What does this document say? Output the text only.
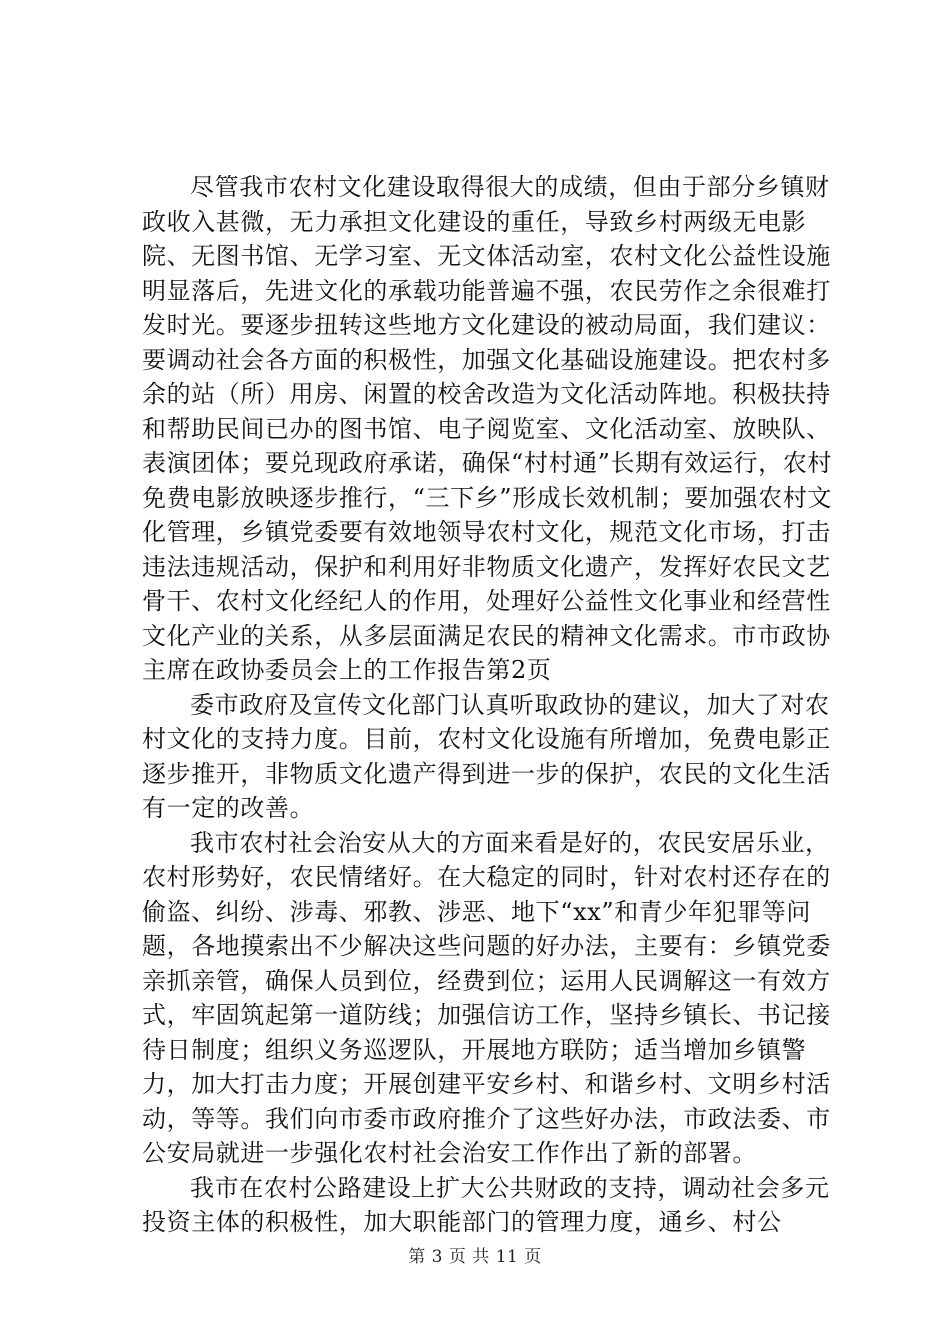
尽管我市农村文化建设取得很大的成绩，但由于部分乡镇财政收入甚微，无力承担文化建设的重任，导致乡村两级无电影院、无图书馆、无学习室、无文体活动室，农村文化公益性设施明显落后，先进文化的承载功能普遍不强，农民劳作之余很难打发时光。要逐步扭转这些地方文化建设的被动局面，我们建议：要调动社会各方面的积极性，加强文化基础设施建设。把农村多余的站（所）用房、闲置的校舍改造为文化活动阵地。积极扶持和帮助民间已办的图书馆、电子阅览室、文化活动室、放映队、表演团体；要兑现政府承诺，确保“村村通”长期有效运行，农村免费电影放映逐步推行，“三下乡”形成长效机制；要加强农村文化管理，乡镇党委要有效地领导农村文化，规范文化市场，打击违法违规活动，保护和利用好非物质文化遗产，发挥好农民文艺骨干、农村文化经纪人的作用，处理好公益性文化事业和经营性文化产业的关系，从多层面满足农民的精神文化需求。市市政协主席在政协委员会上的工作报告第2页

委市政府及宣传文化部门认真听取政协的建议，加大了对农村文化的支持力度。目前，农村文化设施有所增加，免费电影正逐步推开，非物质文化遗产得到进一步的保护，农民的文化生活有一定的改善。

我市农村社会治安从大的方面来看是好的，农民安居乐业，农村形势好，农民情绪好。在大稳定的同时，针对农村还存在的偷盗、纠纷、涉毒、邪教、涉恶、地下“xx”和青少年犯罪等问题，各地摸索出不少解决这些问题的好办法，主要有：乡镇党委亲抓亲管，确保人员到位，经费到位；运用人民调解这一有效方式，牢固筑起第一道防线；加强信访工作，坚持乡镇长、书记接待日制度；组织义务巡逻队，开展地方联防；适当增加乡镇警力，加大打击力度；开展创建平安乡村、和谐乡村、文明乡村活动，等等。我们向市委市政府推介了这些好办法，市政法委、市公安局就进一步强化农村社会治安工作作出了新的部署。

我市在农村公路建设上扩大公共财政的支持，调动社会多元投资主体的积极性，加大职能部门的管理力度，通乡、村公

第 3 页 共 11 页
